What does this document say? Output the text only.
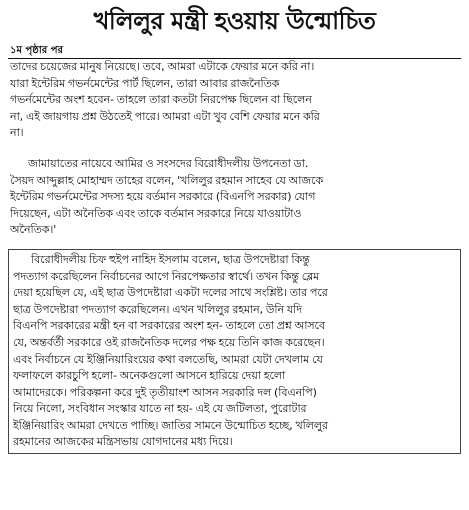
খলিলুর মন্ত্রী হওয়ায় উন্মোচিত
১ম পৃষ্ঠার পর
তাদের চয়েজের মানুষ নিয়েছে। তবে, আমরা এটাকে ফেয়ার মনে করি না।
যারা ইন্টেরিম গভর্নমেন্টের পার্ট ছিলেন, তারা আবার রাজনৈতিক
গভর্নমেন্টের অংশ হবেন- তাহলে তারা কতটা নিরপেক্ষ ছিলেন বা ছিলেন
না, এই জায়গায় প্রশ্ন উঠতেই পারে। আমরা এটা খুব বেশি ফেয়ার মনে করি
না।
জামায়াতের নায়েবে আমির ও সংসদের বিরোধীদলীয় উপনেতা ডা.
সৈয়দ আব্দুল্লাহ মোহাম্মদ তাহের বলেন, 'খলিলুর রহমান সাহেব যে আজকে
ইন্টেরিম গভর্নমেন্টের সদস্য হয়ে বর্তমান সরকারে (বিএনপি সরকার) যোগ
দিয়েছেন, এটা অনৈতিক এবং তাকে বর্তমান সরকারে নিয়ে যাওয়াটাও
অনৈতিক।'
বিরোধীদলীয় চিফ হুইপ নাহিদ ইসলাম বলেন, ছাত্র উপদেষ্টারা কিন্তু
পদত্যাগ করেছিলেন নির্বাচনের আগে নিরপেক্ষতার স্বার্থে। তখন কিন্তু ব্লেম
দেয়া হয়েছিল যে, এই ছাত্র উপদেষ্টারা একটা দলের সাথে সংশ্লিষ্ট। তার পরে
ছাত্র উপদেষ্টারা পদত্যাগ করেছিলেন। এখন খলিলুর রহমান, উনি যদি
বিএনপি সরকারের মন্ত্রী হন বা সরকারের অংশ হন- তাহলে তো প্রশ্ন আসবে
যে, অন্তর্বর্তী সরকারে ওই রাজনৈতিক দলের পক্ষ হয়ে তিনি কাজ করেছেন।
এবং নির্বাচনে যে ইঞ্জিনিয়ারিংয়ের কথা বলতেছি, আমরা যেটা দেখলাম যে
ফলাফলে কারচুপি হলো- অনেকগুলো আসনে হারিয়ে দেয়া হলো
আমাদেরকে। পরিকল্পনা করে দুই তৃতীয়াংশ আসন সরকারি দল (বিএনপি)
নিয়ে নিলো, সংবিধান সংস্কার যাতে না হয়- এই যে জটিলতা, পুরোটার
ইঞ্জিনিয়ারিং আমরা দেখতে পাচ্ছি। জাতির সামনে উন্মোচিত হচ্ছে, খলিলুর
রহমানের আজকের মন্ত্রিসভায় যোগদানের মধ্য দিয়ে।
